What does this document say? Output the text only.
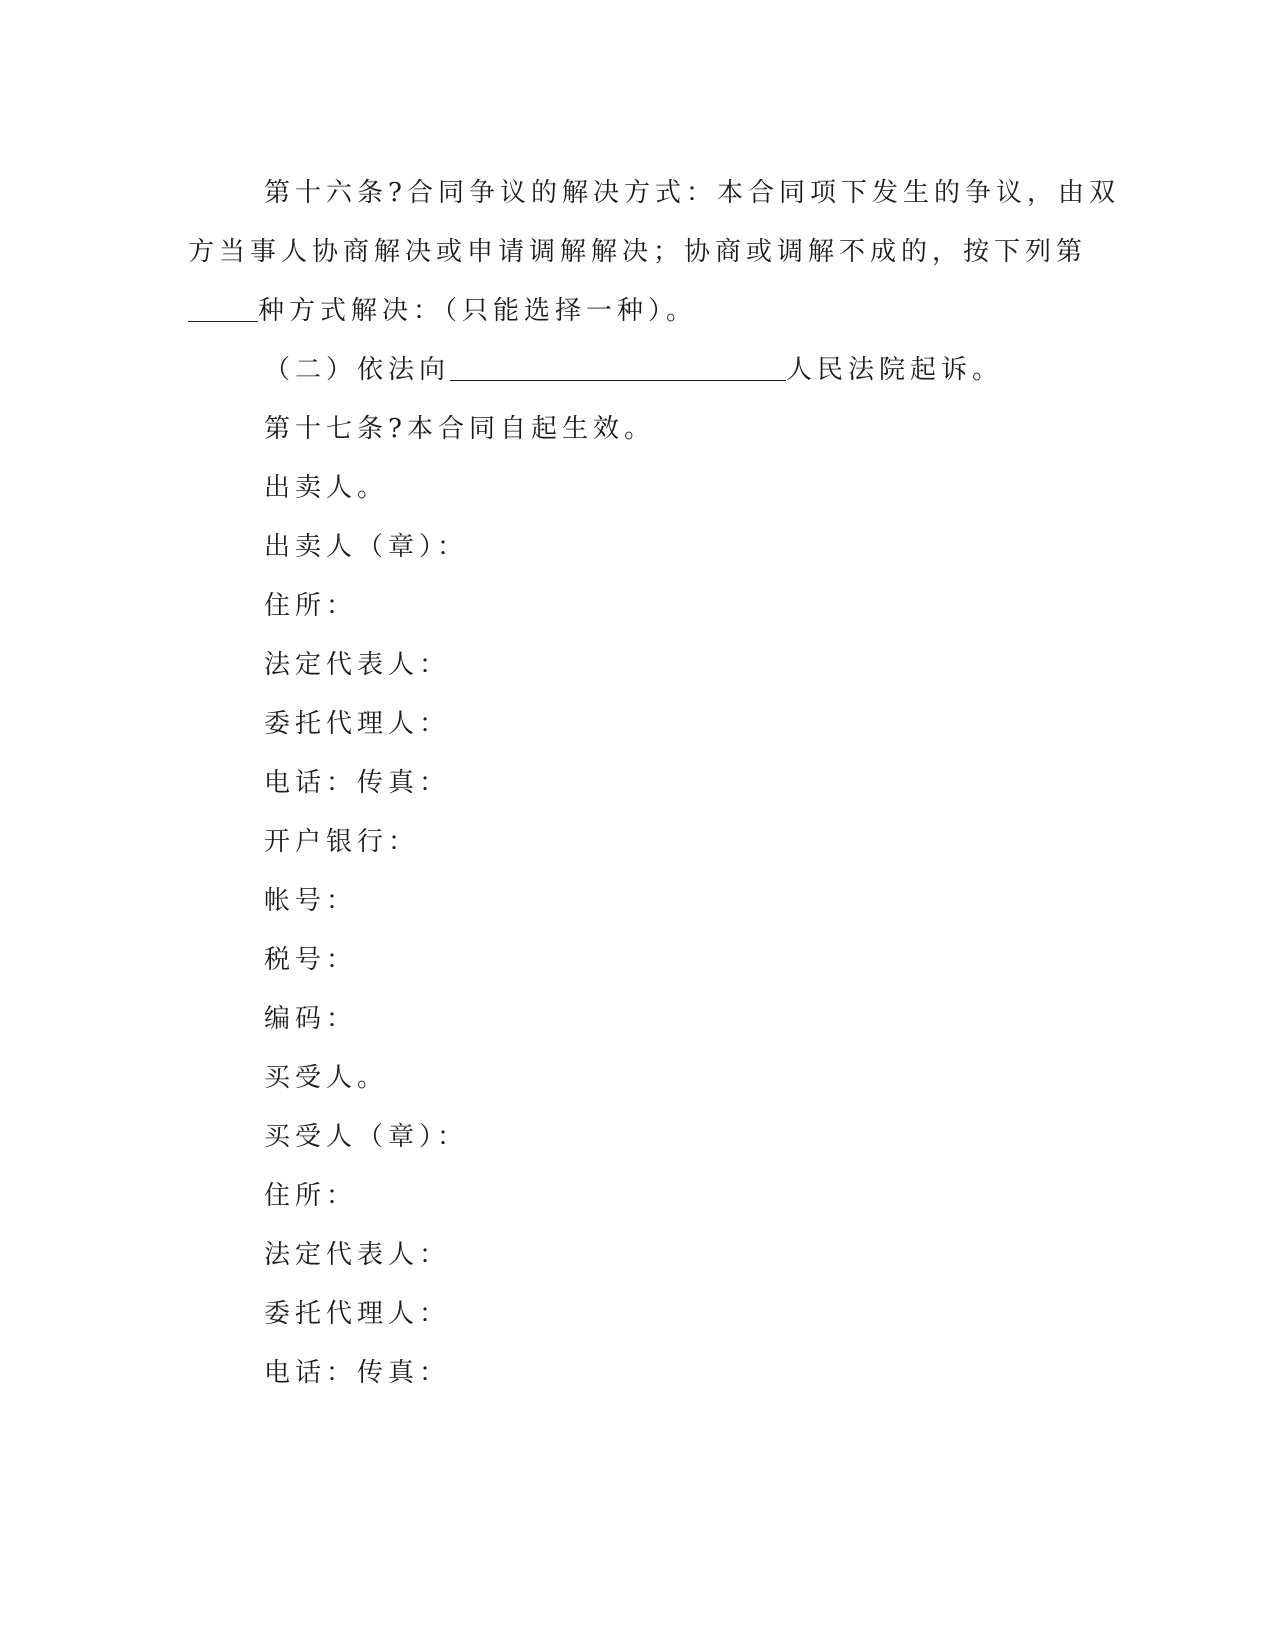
第十六条?合同争议的解决方式：本合同项下发生的争议，由双
方当事人协商解决或申请调解解决；协商或调解不成的，按下列第
种方式解决：（只能选择一种）。
（二）依法向	人民法院起诉。
第十七条?本合同自起生效。
出卖人。
出卖人（章）：
住所：
法定代表人：
委托代理人：
电话：传真：
开户银行：
帐号：
税号：
编码：
买受人。
买受人（章）：
住所：
法定代表人：
委托代理人：
电话：传真：
